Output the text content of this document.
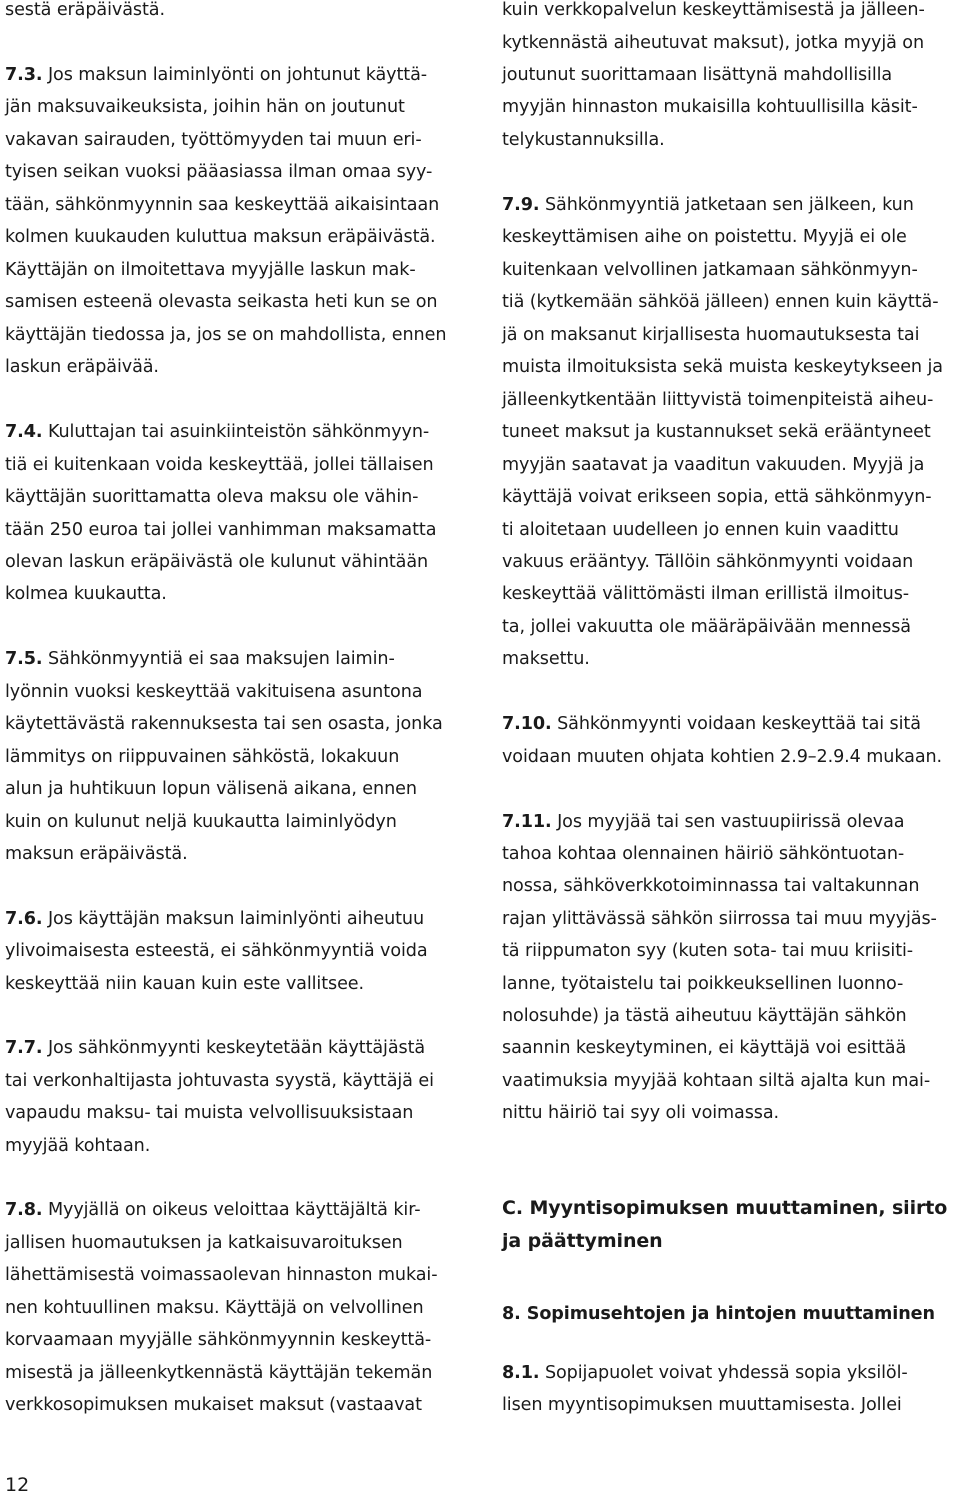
sestä eräpäivästä.
7.3. Jos maksun laiminlyönti on johtunut käyttä-
jän maksuvaikeuksista, joihin hän on joutunut
vakavan sairauden, työttömyyden tai muun eri-
tyisen seikan vuoksi pääasiassa ilman omaa syy-
tään, sähkönmyynnin saa keskeyttää aikaisintaan
kolmen kuukauden kuluttua maksun eräpäivästä.
Käyttäjän on ilmoitettava myyjälle laskun mak-
samisen esteenä olevasta seikasta heti kun se on
käyttäjän tiedossa ja, jos se on mahdollista, ennen
laskun eräpäivää.
7.4. Kuluttajan tai asuinkiinteistön sähkönmyyn-
tiä ei kuitenkaan voida keskeyttää, jollei tällaisen
käyttäjän suorittamatta oleva maksu ole vähin-
tään 250 euroa tai jollei vanhimman maksamatta
olevan laskun eräpäivästä ole kulunut vähintään
kolmea kuukautta.
7.5. Sähkönmyyntiä ei saa maksujen laimin-
lyönnin vuoksi keskeyttää vakituisena asuntona
käytettävästä rakennuksesta tai sen osasta, jonka
lämmitys on riippuvainen sähköstä, lokakuun
alun ja huhtikuun lopun välisenä aikana, ennen
kuin on kulunut neljä kuukautta laiminlyödyn
maksun eräpäivästä.
7.6. Jos käyttäjän maksun laiminlyönti aiheutuu
ylivoimaisesta esteestä, ei sähkönmyyntiä voida
keskeyttää niin kauan kuin este vallitsee.
7.7. Jos sähkönmyynti keskeytetään käyttäjästä
tai verkonhaltijasta johtuvasta syystä, käyttäjä ei
vapaudu maksu- tai muista velvollisuuksistaan
myyjää kohtaan.
7.8. Myyjällä on oikeus veloittaa käyttäjältä kir-
jallisen huomautuksen ja katkaisuvaroituksen
lähettämisestä voimassaolevan hinnaston mukai-
nen kohtuullinen maksu. Käyttäjä on velvollinen
korvaamaan myyjälle sähkönmyynnin keskeyttä-
misestä ja jälleenkytkennästä käyttäjän tekemän
verkkosopimuksen mukaiset maksut (vastaavat
kuin verkkopalvelun keskeyttämisestä ja jälleen-
kytkennästä aiheutuvat maksut), jotka myyjä on
joutunut suorittamaan lisättynä mahdollisilla
myyjän hinnaston mukaisilla kohtuullisilla käsit-
telykustannuksilla.
7.9. Sähkönmyyntiä jatketaan sen jälkeen, kun
keskeyttämisen aihe on poistettu. Myyjä ei ole
kuitenkaan velvollinen jatkamaan sähkönmyyn-
tiä (kytkemään sähköä jälleen) ennen kuin käyttä-
jä on maksanut kirjallisesta huomautuksesta tai
muista ilmoituksista sekä muista keskeytykseen ja
jälleenkytkentään liittyvistä toimenpiteistä aiheu-
tuneet maksut ja kustannukset sekä erääntyneet
myyjän saatavat ja vaaditun vakuuden. Myyjä ja
käyttäjä voivat erikseen sopia, että sähkönmyyn-
ti aloitetaan uudelleen jo ennen kuin vaadittu
vakuus erääntyy. Tällöin sähkönmyynti voidaan
keskeyttää välittömästi ilman erillistä ilmoitus-
ta, jollei vakuutta ole määräpäivään mennessä
maksettu.
7.10. Sähkönmyynti voidaan keskeyttää tai sitä
voidaan muuten ohjata kohtien 2.9–2.9.4 mukaan.
7.11. Jos myyjää tai sen vastuupiirissä olevaa
tahoa kohtaa olennainen häiriö sähköntuotan-
nossa, sähköverkkotoiminnassa tai valtakunnan
rajan ylittävässä sähkön siirrossa tai muu myyjäs-
tä riippumaton syy (kuten sota- tai muu kriisiti-
lanne, työtaistelu tai poikkeuksellinen luonno-
nolosuhde) ja tästä aiheutuu käyttäjän sähkön
saannin keskeytyminen, ei käyttäjä voi esittää
vaatimuksia myyjää kohtaan siltä ajalta kun mai-
nittu häiriö tai syy oli voimassa.
C. Myyntisopimuksen muuttaminen, siirto
ja päättyminen
8. Sopimusehtojen ja hintojen muuttaminen
8.1. Sopijapuolet voivat yhdessä sopia yksilöl-
lisen myyntisopimuksen muuttamisesta. Jollei
12
